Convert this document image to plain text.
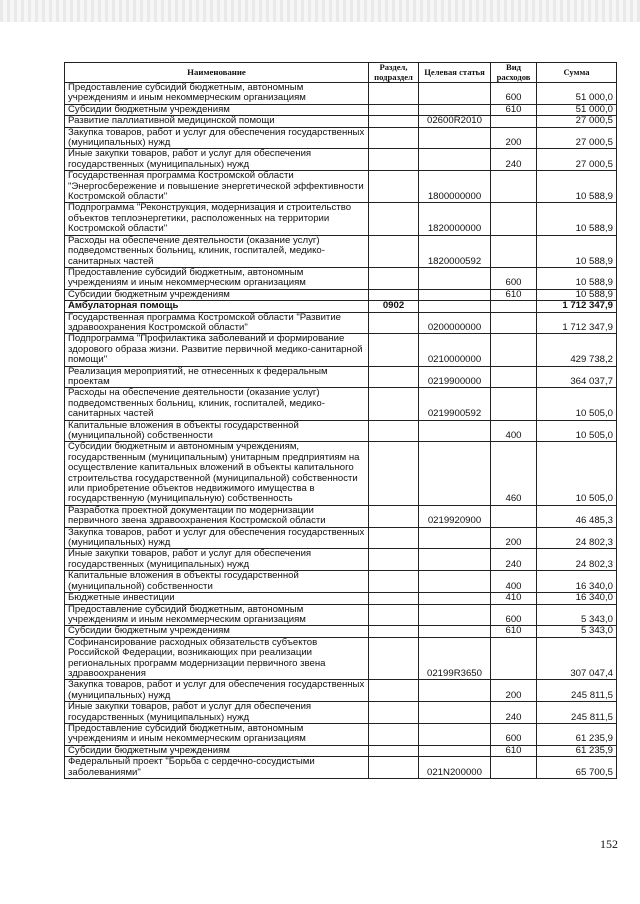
Наименование	Раздел, подраздел	Целевая статья	Вид расходов	Сумма
Предоставление субсидий бюджетным, автономным учреждениям и иным некоммерческим организациям			600	51 000,0
Субсидии бюджетным учреждениям			610	51 000,0
Развитие паллиативной медицинской помощи		02600R2010		27 000,5
Закупка товаров, работ и услуг для обеспечения государственных (муниципальных) нужд			200	27 000,5
Иные закупки товаров, работ и услуг для обеспечения государственных (муниципальных) нужд			240	27 000,5
Государственная программа Костромской области "Энергосбережение и повышение энергетической эффективности Костромской области"		1800000000		10 588,9
Подпрограмма "Реконструкция, модернизация и строительство объектов теплоэнергетики, расположенных на территории Костромской области"		1820000000		10 588,9
Расходы на обеспечение деятельности (оказание услуг) подведомственных больниц, клиник, госпиталей, медико-санитарных частей		1820000592		10 588,9
Предоставление субсидий бюджетным, автономным учреждениям и иным некоммерческим организациям			600	10 588,9
Субсидии бюджетным учреждениям			610	10 588,9
Амбулаторная помощь	0902			1 712 347,9
Государственная программа Костромской области "Развитие здравоохранения Костромской области"		0200000000		1 712 347,9
Подпрограмма "Профилактика заболеваний и формирование здорового образа жизни. Развитие первичной медико-санитарной помощи"		0210000000		429 738,2
Реализация мероприятий, не отнесенных к федеральным проектам		0219900000		364 037,7
Расходы на обеспечение деятельности (оказание услуг) подведомственных больниц, клиник, госпиталей, медико-санитарных частей		0219900592		10 505,0
Капитальные вложения в объекты государственной (муниципальной) собственности			400	10 505,0
Субсидии бюджетным и автономным учреждениям, государственным (муниципальным) унитарным предприятиям на осуществление капитальных вложений в объекты капитального строительства государственной (муниципальной) собственности или приобретение объектов недвижимого имущества в государственную (муниципальную) собственность			460	10 505,0
Разработка проектной документации по модернизации первичного звена здравоохранения Костромской области		0219920900		46 485,3
Закупка товаров, работ и услуг для обеспечения государственных (муниципальных) нужд			200	24 802,3
Иные закупки товаров, работ и услуг для обеспечения государственных (муниципальных) нужд			240	24 802,3
Капитальные вложения в объекты государственной (муниципальной) собственности			400	16 340,0
Бюджетные инвестиции			410	16 340,0
Предоставление субсидий бюджетным, автономным учреждениям и иным некоммерческим организациям			600	5 343,0
Субсидии бюджетным учреждениям			610	5 343,0
Софинансирование расходных обязательств субъектов Российской Федерации, возникающих при реализации региональных программ модернизации первичного звена здравоохранения		02199R3650		307 047,4
Закупка товаров, работ и услуг для обеспечения государственных (муниципальных) нужд			200	245 811,5
Иные закупки товаров, работ и услуг для обеспечения государственных (муниципальных) нужд			240	245 811,5
Предоставление субсидий бюджетным, автономным учреждениям и иным некоммерческим организациям			600	61 235,9
Субсидии бюджетным учреждениям			610	61 235,9
Федеральный проект "Борьба с сердечно-сосудистыми заболеваниями"		021N200000		65 700,5
152
